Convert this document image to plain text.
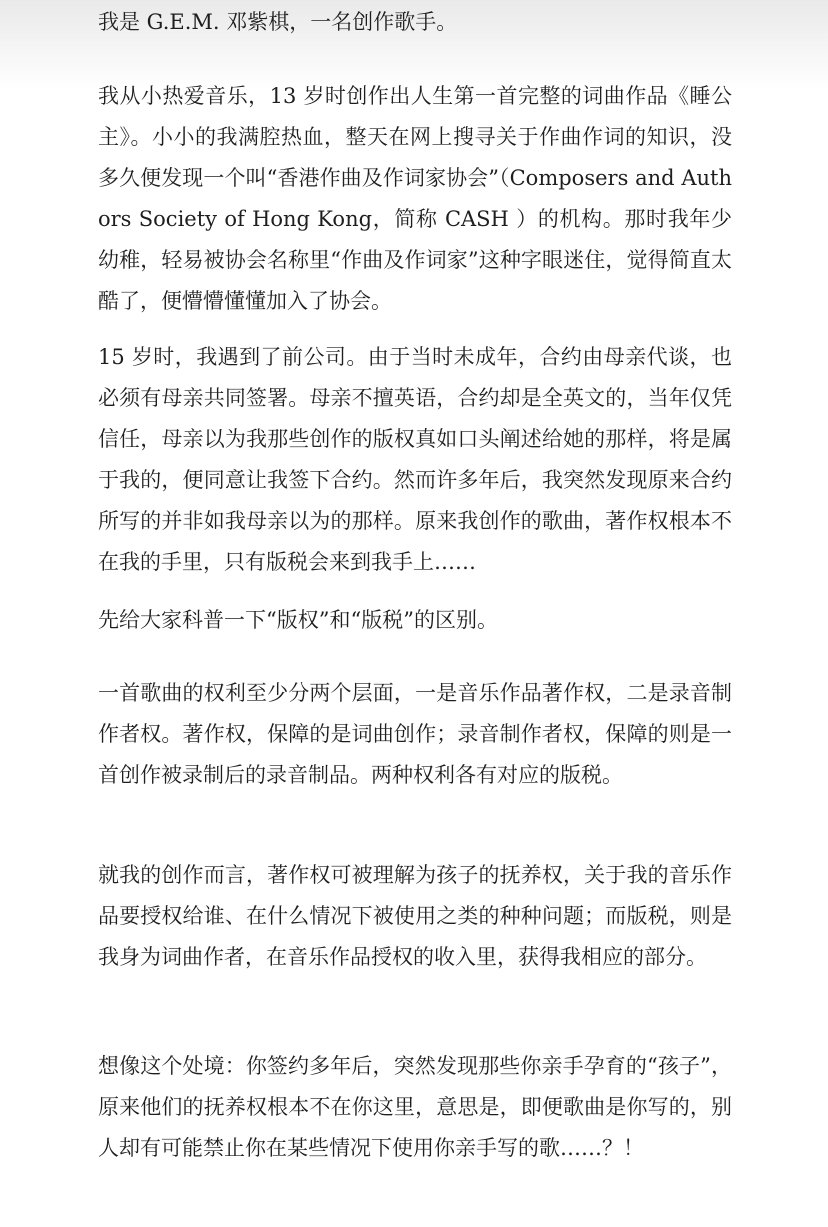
我是 G.E.M. 邓紫棋，一名创作歌手。

我从小热爱音乐，13 岁时创作出人生第一首完整的词曲作品《睡公主》。小小的我满腔热血，整天在网上搜寻关于作曲作词的知识，没多久便发现一个叫“香港作曲及作词家协会”（Composers and Authors Society of Hong Kong，简称 CASH ）的机构。那时我年少幼稚，轻易被协会名称里“作曲及作词家”这种字眼迷住，觉得简直太酷了，便懵懵懂懂加入了协会。

15 岁时，我遇到了前公司。由于当时未成年，合约由母亲代谈，也必须有母亲共同签署。母亲不擅英语，合约却是全英文的，当年仅凭信任，母亲以为我那些创作的版权真如口头阐述给她的那样，将是属于我的，便同意让我签下合约。然而许多年后，我突然发现原来合约所写的并非如我母亲以为的那样。原来我创作的歌曲，著作权根本不在我的手里，只有版税会来到我手上……

先给大家科普一下“版权”和“版税”的区别。

一首歌曲的权利至少分两个层面，一是音乐作品著作权，二是录音制作者权。著作权，保障的是词曲创作；录音制作者权，保障的则是一首创作被录制后的录音制品。两种权利各有对应的版税。

就我的创作而言，著作权可被理解为孩子的抚养权，关于我的音乐作品要授权给谁、在什么情况下被使用之类的种种问题；而版税，则是我身为词曲作者，在音乐作品授权的收入里，获得我相应的部分。

想像这个处境：你签约多年后，突然发现那些你亲手孕育的“孩子”，原来他们的抚养权根本不在你这里，意思是，即便歌曲是你写的，别人却有可能禁止你在某些情况下使用你亲手写的歌……？！
